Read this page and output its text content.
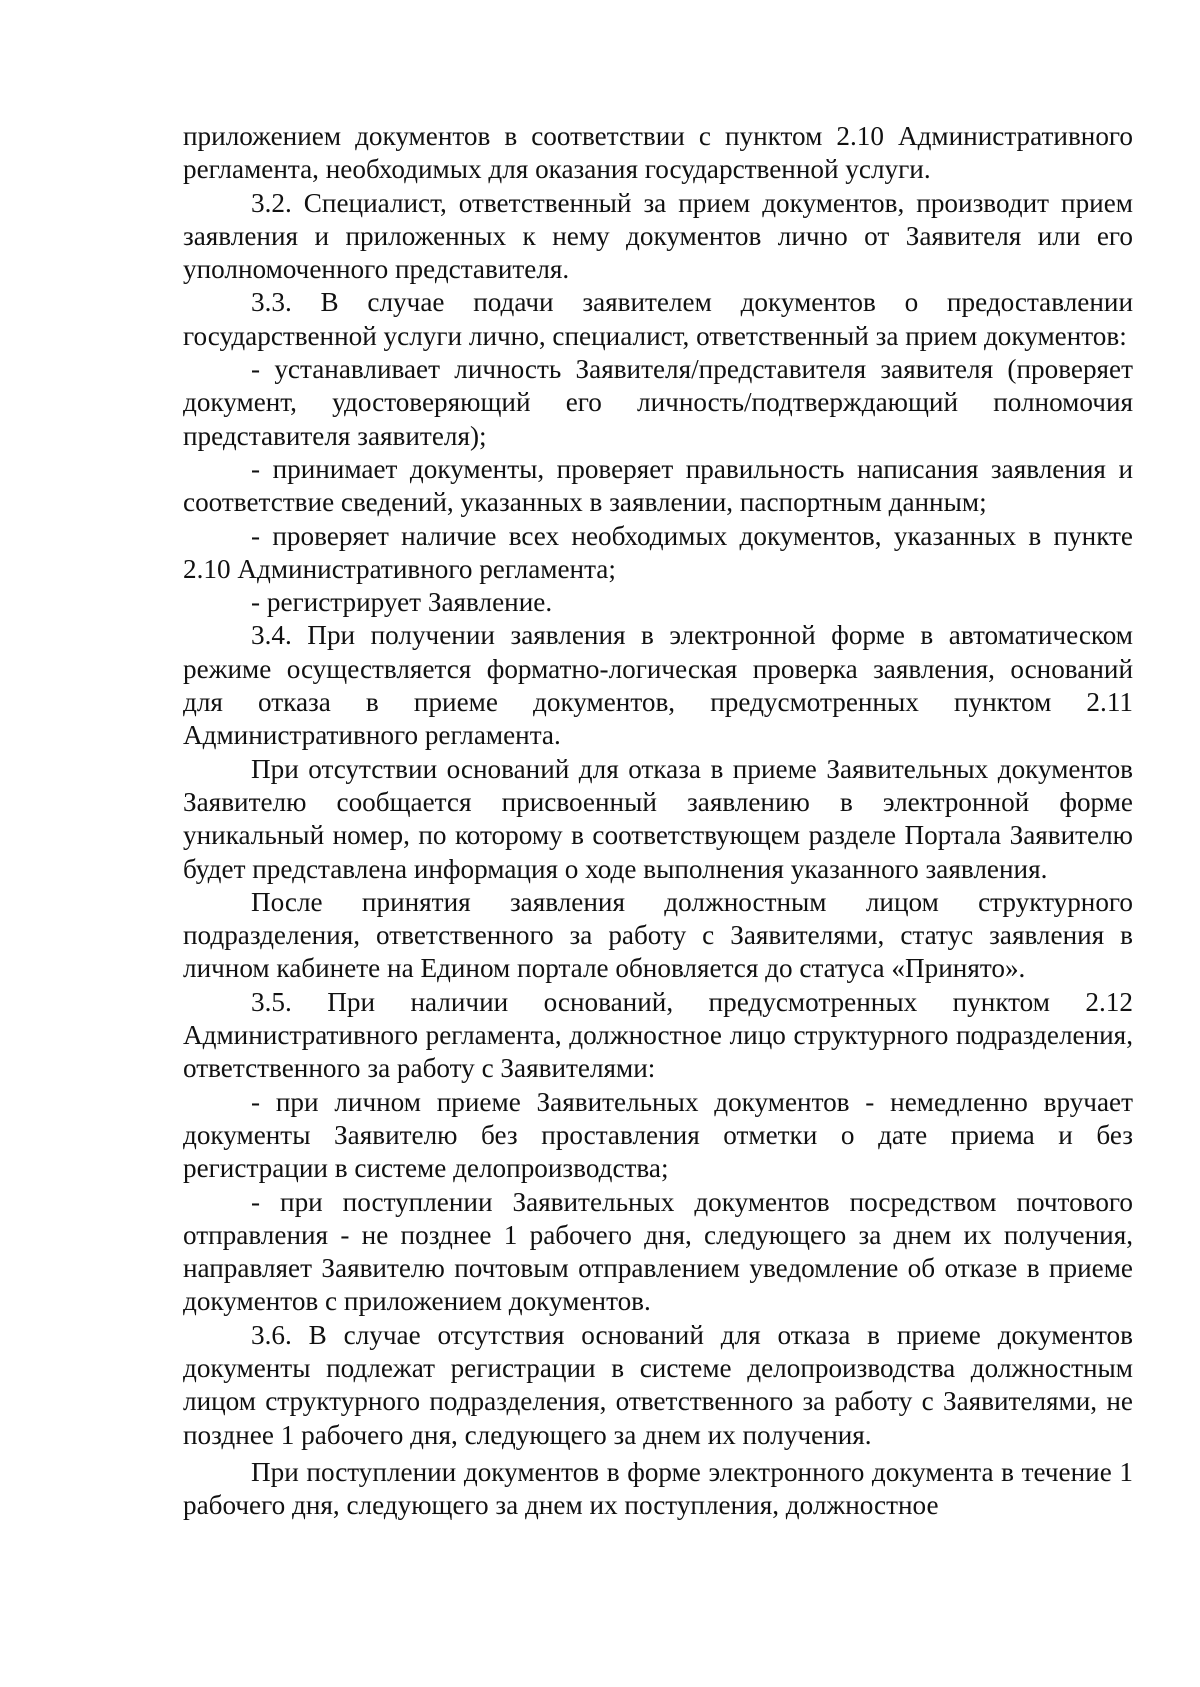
приложением документов в соответствии с пунктом 2.10 Административного регламента, необходимых для оказания государственной услуги.

3.2. Специалист, ответственный за прием документов, производит прием заявления и приложенных к нему документов лично от Заявителя или его уполномоченного представителя.

3.3. В случае подачи заявителем документов о предоставлении государственной услуги лично, специалист, ответственный за прием документов:

- устанавливает личность Заявителя/представителя заявителя (проверяет документ, удостоверяющий его личность/подтверждающий полномочия представителя заявителя);

- принимает документы, проверяет правильность написания заявления и соответствие сведений, указанных в заявлении, паспортным данным;

- проверяет наличие всех необходимых документов, указанных в пункте 2.10 Административного регламента;

- регистрирует Заявление.

3.4. При получении заявления в электронной форме в автоматическом режиме осуществляется форматно-логическая проверка заявления, оснований для отказа в приеме документов, предусмотренных пунктом 2.11 Административного регламента.

При отсутствии оснований для отказа в приеме Заявительных документов Заявителю сообщается присвоенный заявлению в электронной форме уникальный номер, по которому в соответствующем разделе Портала Заявителю будет представлена информация о ходе выполнения указанного заявления.

После принятия заявления должностным лицом структурного подразделения, ответственного за работу с Заявителями, статус заявления в личном кабинете на Едином портале обновляется до статуса «Принято».

3.5. При наличии оснований, предусмотренных пунктом 2.12 Административного регламента, должностное лицо структурного подразделения, ответственного за работу с Заявителями:

- при личном приеме Заявительных документов - немедленно вручает документы Заявителю без проставления отметки о дате приема и без регистрации в системе делопроизводства;

- при поступлении Заявительных документов посредством почтового отправления - не позднее 1 рабочего дня, следующего за днем их получения, направляет Заявителю почтовым отправлением уведомление об отказе в приеме документов с приложением документов.

3.6. В случае отсутствия оснований для отказа в приеме документов документы подлежат регистрации в системе делопроизводства должностным лицом структурного подразделения, ответственного за работу с Заявителями, не позднее 1 рабочего дня, следующего за днем их получения.

При поступлении документов в форме электронного документа в течение 1 рабочего дня, следующего за днем их поступления, должностное
